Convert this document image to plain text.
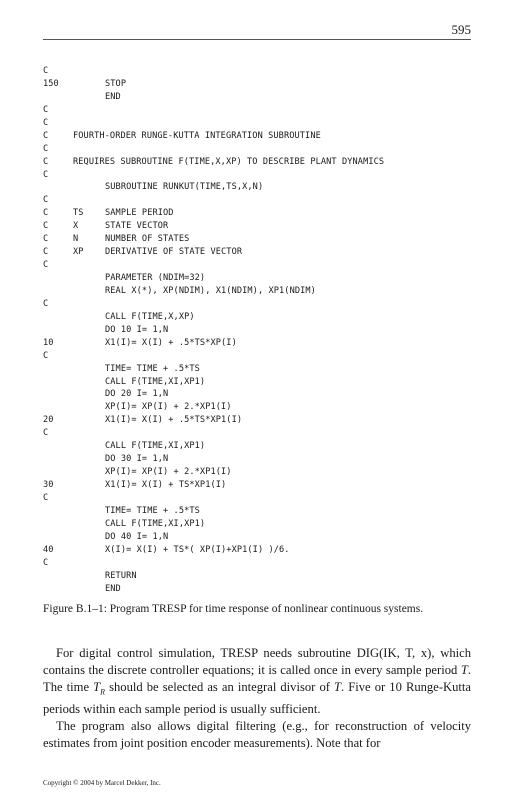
595
C
150	STOP
END
C
C
C	FOURTH-ORDER RUNGE-KUTTA INTEGRATION SUBROUTINE
C
C	REQUIRES SUBROUTINE F(TIME,X,XP) TO DESCRIBE PLANT DYNAMICS
C
SUBROUTINE RUNKUT(TIME,TS,X,N)
C
C	TS SAMPLE PERIOD
C	X	STATE VECTOR
C	N	NUMBER OF STATES
C	XP DERIVATIVE OF STATE VECTOR
C
PARAMETER (NDIM=32)
REAL X(*), XP(NDIM), X1(NDIM), XP1(NDIM)
C
CALL F(TIME,X,XP)
DO 10 I= 1,N
10	X1(I)= X(I) + .5*TS*XP(I)
C
TIME= TIME + .5*TS
CALL F(TIME,XI,XP1)
DO 20 I= 1,N
XP(I)= XP(I) + 2.*XP1(I)
20	X1(I)= X(I) + .5*TS*XP1(I)
C
CALL F(TIME,XI,XP1)
DO 30 I= 1,N
XP(I)= XP(I) + 2.*XP1(I)
30	X1(I)= X(I) + TS*XP1(I)
C
TIME= TIME + .5*TS
CALL F(TIME,XI,XP1)
DO 40 I= 1,N
40	X(I)= X(I) + TS*( XP(I)+XP1(I) )/6.
C
RETURN
END
Figure B.1–1: Program TRESP for time response of nonlinear continuous systems.

For digital control simulation, TRESP needs subroutine DIG(IK, T, x), which contains the discrete controller equations; it is called once in every sample period T. The time $T_R$ should be selected as an integral divisor of T. Five or 10 Runge-Kutta periods within each sample period is usually sufficient.

The program also allows digital filtering (e.g., for reconstruction of velocity estimates from joint position encoder measurements). Note that for

Copyright © 2004 by Marcel Dekker, Inc.
